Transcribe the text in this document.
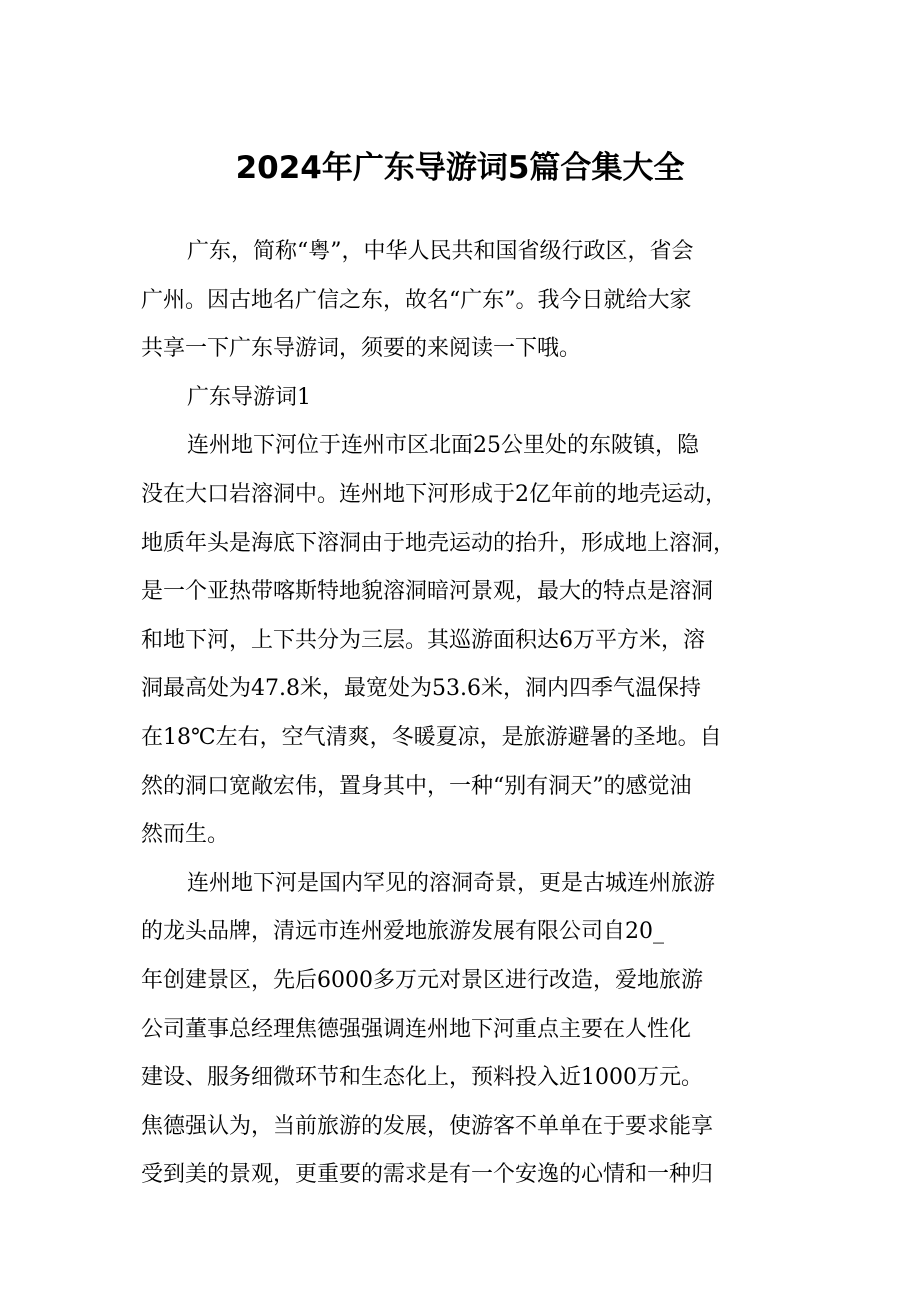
2024年广东导游词5篇合集大全
广东，简称“粤”，中华人民共和国省级行政区，省会
广州。因古地名广信之东，故名“广东”。我今日就给大家
共享一下广东导游词，须要的来阅读一下哦。
广东导游词1
连州地下河位于连州市区北面25公里处的东陂镇，隐
没在大口岩溶洞中。连州地下河形成于2亿年前的地壳运动，
地质年头是海底下溶洞由于地壳运动的抬升，形成地上溶洞，
是一个亚热带喀斯特地貌溶洞暗河景观，最大的特点是溶洞
和地下河，上下共分为三层。其巡游面积达6万平方米，溶
洞最高处为47.8米，最宽处为53.6米，洞内四季气温保持
在18℃左右，空气清爽，冬暖夏凉，是旅游避暑的圣地。自
然的洞口宽敞宏伟，置身其中，一种“别有洞天”的感觉油
然而生。
连州地下河是国内罕见的溶洞奇景，更是古城连州旅游
的龙头品牌，清远市连州爱地旅游发展有限公司自20_
年创建景区，先后6000多万元对景区进行改造，爱地旅游
公司董事总经理焦德强强调连州地下河重点主要在人性化
建设、服务细微环节和生态化上，预料投入近1000万元。
焦德强认为，当前旅游的发展，使游客不单单在于要求能享
受到美的景观，更重要的需求是有一个安逸的心情和一种归
